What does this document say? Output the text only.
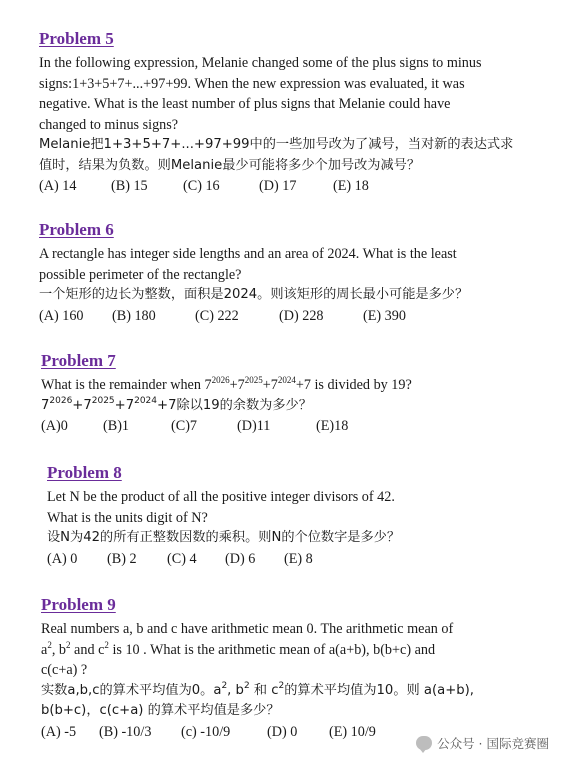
Problem 5
In the following expression, Melanie changed some of the plus signs to minus
signs:1+3+5+7+...+97+99. When the new expression was evaluated, it was
negative. What is the least number of plus signs that Melanie could have
changed to minus signs?
Melanie把1+3+5+7+...+97+99中的一些加号改为了减号，当对新的表达式求
值时，结果为负数。则Melanie最少可能将多少个加号改为减号？
(A) 14 (B) 15 (C) 16	(D) 17	(E) 18
Problem 6
A rectangle has integer side lengths and an area of 2024. What is the least
possible perimeter of the rectangle?
一个矩形的边长为整数，面积是2024。则该矩形的周长最小可能是多少？
(A) 160 (B) 180	(C) 222	(D) 228	(E) 390
Problem 7
What is the remainder when $7^{2026}+7^{2025}+7^{2024}+7$ is divided by 19?
$7^{2026}+7^{2025}+7^{2024}+7$除以19的余数为多少？
(A)0 (B)1	(C)7	(D)11	(E)18
Problem 8
Let N be the product of all the positive integer divisors of 42.
What is the units digit of N?
设N为42的所有正整数因数的乘积。则N的个位数字是多少？
(A) 0 (B) 2 (C) 4 (D) 6 (E) 8
Problem 9
Real numbers a, b and c have arithmetic mean 0. The arithmetic mean of
$a^2$, $b^2$ and $c^2$ is 10 . What is the arithmetic mean of a(a+b), b(b+c) and
c(c+a) ?
实数a,b,c的算术平均值为0。$a^2$, $b^2$ 和 $c^2$的算术平均值为10。则 a(a+b),
b(b+c)，c(c+a) 的算术平均值是多少？
(A) -5 (B) -10/3 (c) -10/9	(D) 0 (E) 10/9
公众号 · 国际竞赛圈
